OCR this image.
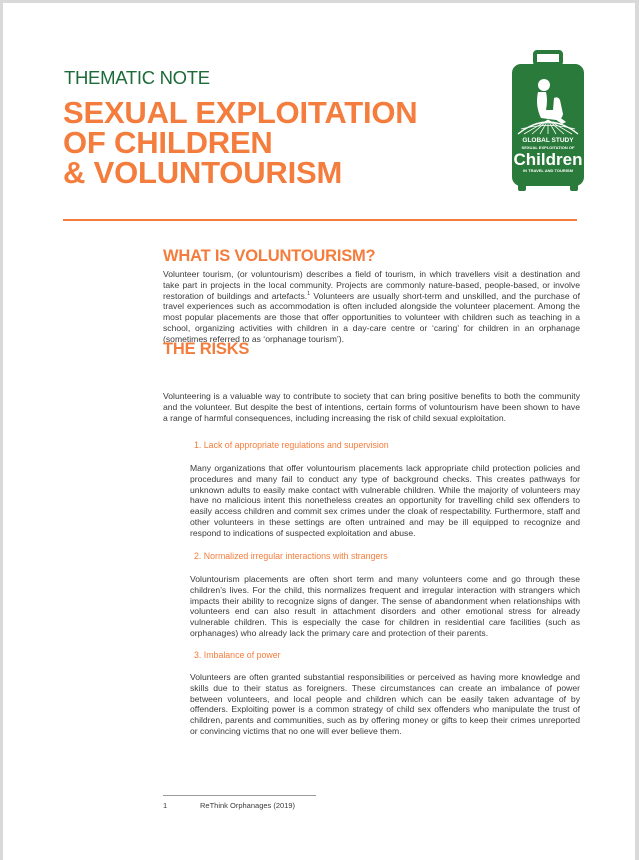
THEMATIC NOTE
SEXUAL EXPLOITATION
OF CHILDREN
& VOLUNTOURISM
GLOBAL STUDY
SEXUAL EXPLOITATION OF
Children
IN TRAVEL AND TOURISM
WHAT IS VOLUNTOURISM?

Volunteer tourism, (or voluntourism) describes a field of tourism, in which travellers visit a destination and take part in projects in the local community. Projects are commonly nature-based, people-based, or involve restoration of buildings and artefacts.$^1$ Volunteers are usually short-term and unskilled, and the purchase of travel experiences such as accommodation is often included alongside the volunteer placement. Among the most popular placements are those that offer opportunities to volunteer with children such as teaching in a school, organizing activities with children in a day-care centre or ‘caring’ for children in an orphanage (sometimes referred to as ‘orphanage tourism’).

THE RISKS

Volunteering is a valuable way to contribute to society that can bring positive benefits to both the community and the volunteer. But despite the best of intentions, certain forms of voluntourism have been shown to have a range of harmful consequences, including increasing the risk of child sexual exploitation.

1. Lack of appropriate regulations and supervision

Many organizations that offer voluntourism placements lack appropriate child protection policies and procedures and many fail to conduct any type of background checks. This creates pathways for unknown adults to easily make contact with vulnerable children. While the majority of volunteers may have no malicious intent this nonetheless creates an opportunity for travelling child sex offenders to easily access children and commit sex crimes under the cloak of respectability. Furthermore, staff and other volunteers in these settings are often untrained and may be ill equipped to recognize and respond to indications of suspected exploitation and abuse.

2. Normalized irregular interactions with strangers

Voluntourism placements are often short term and many volunteers come and go through these children’s lives. For the child, this normalizes frequent and irregular interaction with strangers which impacts their ability to recognize signs of danger. The sense of abandonment when relationships with volunteers end can also result in attachment disorders and other emotional stress for already vulnerable children. This is especially the case for children in residential care facilities (such as orphanages) who already lack the primary care and protection of their parents.

3. Imbalance of power

Volunteers are often granted substantial responsibilities or perceived as having more knowledge and skills due to their status as foreigners. These circumstances can create an imbalance of power between volunteers, and local people and children which can be easily taken advantage of by offenders. Exploiting power is a common strategy of child sex offenders who manipulate the trust of children, parents and communities, such as by offering money or gifts to keep their crimes unreported or convincing victims that no one will ever believe them.

1	ReThink Orphanages (2019)
